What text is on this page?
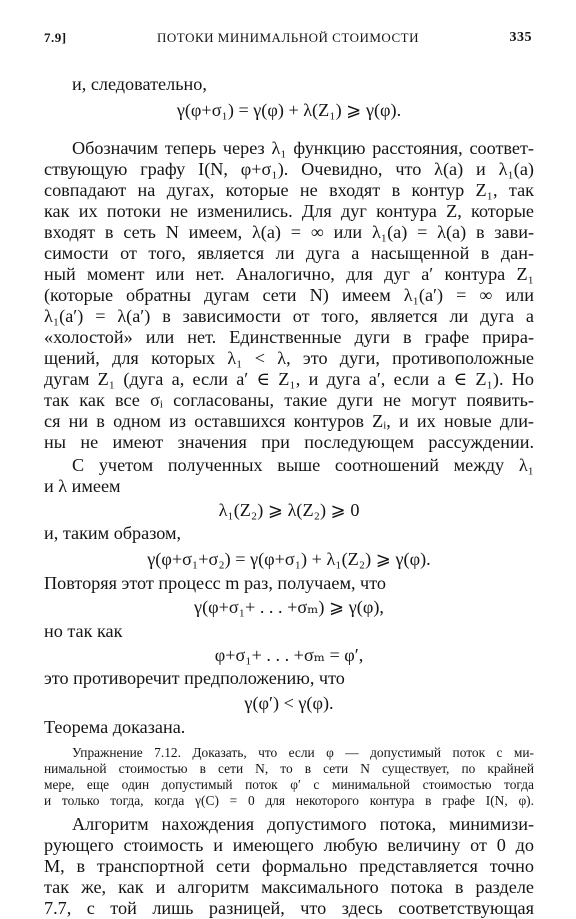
7.9]	ПОТОКИ МИНИМАЛЬНОЙ СТОИМОСТИ	335
и, следовательно,
γ(φ+σ₁) = γ(φ) + λ(Z₁) ⩾ γ(φ).
Обозначим теперь через λ₁ функцию расстояния, соответ-
ствующую графу I(N, φ+σ₁). Очевидно, что λ(a) и λ₁(a)
совпадают на дугах, которые не входят в контур Z₁, так
как их потоки не изменились. Для дуг контура Z, которые
входят в сеть N имеем, λ(a) = ∞ или λ₁(a) = λ(a) в зави-
симости от того, является ли дуга a насыщенной в дан-
ный момент или нет. Аналогично, для дуг a′ контура Z₁
(которые обратны дугам сети N) имеем λ₁(a′) = ∞ или
λ₁(a′) = λ(a′) в зависимости от того, является ли дуга a
«холостой» или нет. Единственные дуги в графе прира-
щений, для которых λ₁ < λ, это дуги, противоположные
дугам Z₁ (дуга a, если a′ ∈ Z₁, и дуга a′, если a ∈ Z₁). Но
так как все σᵢ согласованы, такие дуги не могут появить-
ся ни в одном из оставшихся контуров Zᵢ, и их новые дли-
ны не имеют значения при последующем рассуждении.
С учетом полученных выше соотношений между λ₁
и λ имеем
λ₁(Z₂) ⩾ λ(Z₂) ⩾ 0
и, таким образом,
γ(φ+σ₁+σ₂) = γ(φ+σ₁) + λ₁(Z₂) ⩾ γ(φ).
Повторяя этот процесс m раз, получаем, что
γ(φ+σ₁+ . . . +σₘ) ⩾ γ(φ),
но так как
φ+σ₁+ . . . +σₘ = φ′,
это противоречит предположению, что
γ(φ′) < γ(φ).
Теорема доказана.
Упражнение 7.12. Доказать, что если φ — допустимый поток с ми-
нимальной стоимостью в сети N, то в сети N существует, по крайней
мере, еще один допустимый поток φ′ с минимальной стоимостью тогда
и только тогда, когда γ(C) = 0 для некоторого контура в графе I(N, φ).
Алгоритм нахождения допустимого потока, минимизи-
рующего стоимость и имеющего любую величину от 0 до
M, в транспортной сети формально представляется точно
так же, как и алгоритм максимального потока в разделе
7.7, с той лишь разницей, что здесь соответствующая
